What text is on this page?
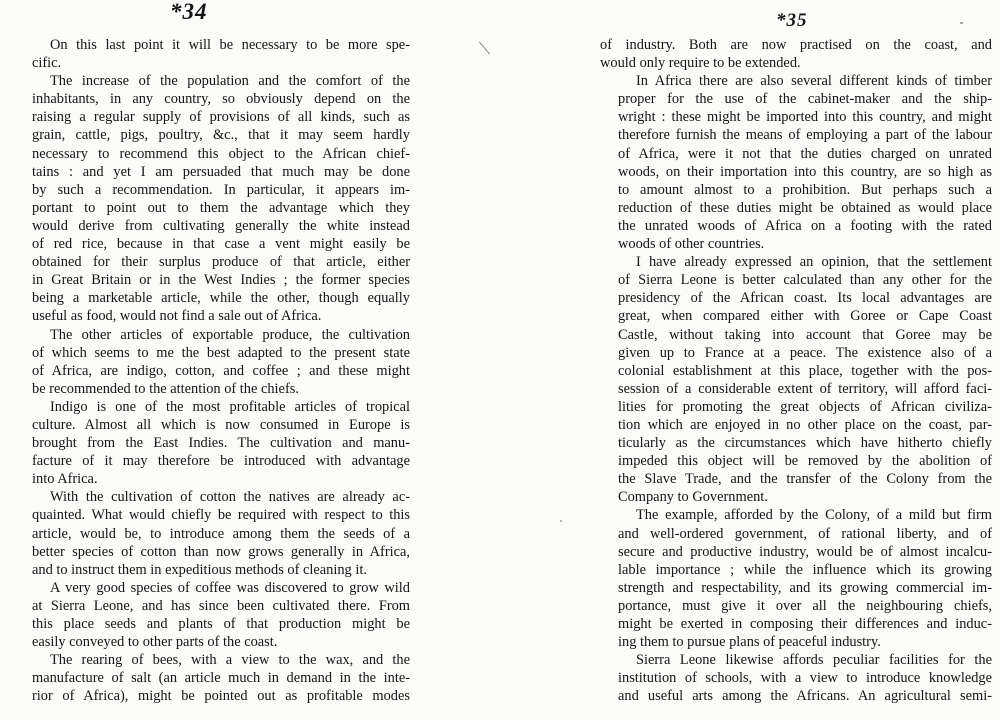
*34

On this last point it will be necessary to be more spe-
cific.

The increase of the population and the comfort of the
inhabitants, in any country, so obviously depend on the
raising a regular supply of provisions of all kinds, such as
grain, cattle, pigs, poultry, &c., that it may seem hardly
necessary to recommend this object to the African chief-
tains : and yet I am persuaded that much may be done
by such a recommendation. In particular, it appears im-
portant to point out to them the advantage which they
would derive from cultivating generally the white instead
of red rice, because in that case a vent might easily be
obtained for their surplus produce of that article, either
in Great Britain or in the West Indies ; the former species
being a marketable article, while the other, though equally
useful as food, would not find a sale out of Africa.

The other articles of exportable produce, the cultivation
of which seems to me the best adapted to the present state
of Africa, are indigo, cotton, and coffee ; and these might
be recommended to the attention of the chiefs.

Indigo is one of the most profitable articles of tropical
culture. Almost all which is now consumed in Europe is
brought from the East Indies. The cultivation and manu-
facture of it may therefore be introduced with advantage
into Africa.

With the cultivation of cotton the natives are already ac-
quainted. What would chiefly be required with respect to this
article, would be, to introduce among them the seeds of a
better species of cotton than now grows generally in Africa,
and to instruct them in expeditious methods of cleaning it.

A very good species of coffee was discovered to grow wild
at Sierra Leone, and has since been cultivated there. From
this place seeds and plants of that production might be
easily conveyed to other parts of the coast.

The rearing of bees, with a view to the wax, and the
manufacture of salt (an article much in demand in the inte-
rior of Africa), might be pointed out as profitable modes

*35

of industry. Both are now practised on the coast, and
would only require to be extended.

In Africa there are also several different kinds of timber
proper for the use of the cabinet-maker and the ship-
wright : these might be imported into this country, and might
therefore furnish the means of employing a part of the labour
of Africa, were it not that the duties charged on unrated
woods, on their importation into this country, are so high as
to amount almost to a prohibition. But perhaps such a
reduction of these duties might be obtained as would place
the unrated woods of Africa on a footing with the rated
woods of other countries.

I have already expressed an opinion, that the settlement
of Sierra Leone is better calculated than any other for the
presidency of the African coast. Its local advantages are
great, when compared either with Goree or Cape Coast
Castle, without taking into account that Goree may be
given up to France at a peace. The existence also of a
colonial establishment at this place, together with the pos-
session of a considerable extent of territory, will afford faci-
lities for promoting the great objects of African civiliza-
tion which are enjoyed in no other place on the coast, par-
ticularly as the circumstances which have hitherto chiefly
impeded this object will be removed by the abolition of
the Slave Trade, and the transfer of the Colony from the
Company to Government.

The example, afforded by the Colony, of a mild but firm
and well-ordered government, of rational liberty, and of
secure and productive industry, would be of almost incalcu-
lable importance ; while the influence which its growing
strength and respectability, and its growing commercial im-
portance, must give it over all the neighbouring chiefs,
might be exerted in composing their differences and induc-
ing them to pursue plans of peaceful industry.

Sierra Leone likewise affords peculiar facilities for the
institution of schools, with a view to introduce knowledge
and useful arts among the Africans. An agricultural semi-
